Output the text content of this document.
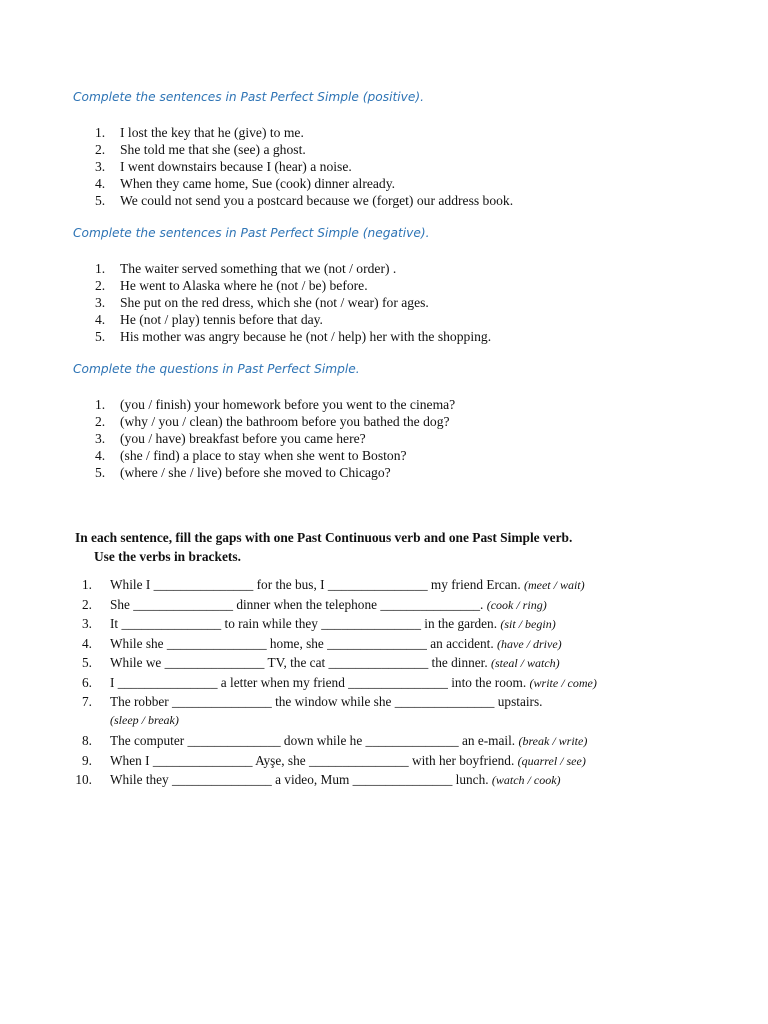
Complete the sentences in Past Perfect Simple (positive).

1. I lost the key that he (give) to me.
2. She told me that she (see) a ghost.
3. I went downstairs because I (hear) a noise.
4. When they came home, Sue (cook) dinner already.
5. We could not send you a postcard because we (forget) our address book.

Complete the sentences in Past Perfect Simple (negative).

1. The waiter served something that we (not / order) .
2. He went to Alaska where he (not / be) before.
3. She put on the red dress, which she (not / wear) for ages.
4. He (not / play) tennis before that day.
5. His mother was angry because he (not / help) her with the shopping.

Complete the questions in Past Perfect Simple.

1. (you / finish) your homework before you went to the cinema?
2. (why / you / clean) the bathroom before you bathed the dog?
3. (you / have) breakfast before you came here?
4. (she / find) a place to stay when she went to Boston?
5. (where / she / live) before she moved to Chicago?

In each sentence, fill the gaps with one Past Continuous verb and one Past Simple verb.
Use the verbs in brackets.

1. While I _______________ for the bus, I _______________ my friend Ercan. (meet / wait)
2. She _______________ dinner when the telephone _______________. (cook / ring)
3. It _______________ to rain while they _______________ in the garden. (sit / begin)
4. While she _______________ home, she _______________ an accident. (have / drive)
5. While we _______________ TV, the cat _______________ the dinner. (steal / watch)
6. I _______________ a letter when my friend _______________ into the room. (write / come)
7. The robber _______________ the window while she _______________ upstairs.
(sleep / break)
8. The computer ______________ down while he ______________ an e-mail. (break / write)
9. When I _______________ Ayşe, she _______________ with her boyfriend. (quarrel / see)
10. While they _______________ a video, Mum _______________ lunch. (watch / cook)
